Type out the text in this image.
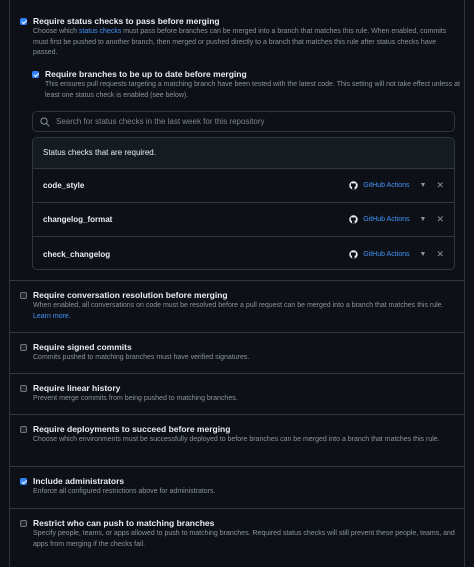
Require status checks to pass before merging
Choose which status checks must pass before branches can be merged into a branch that matches this rule. When enabled, commits must first be pushed to another branch, then merged or pushed directly to a branch that matches this rule after status checks have passed.
Require branches to be up to date before merging
This ensures pull requests targeting a matching branch have been tested with the latest code. This setting will not take effect unless at least one status check is enabled (see below).
Search for status checks in the last week for this repository
Status checks that are required.
code_style	GitHub Actions ▼ ✕
changelog_format	GitHub Actions ▼ ✕
check_changelog	GitHub Actions ▼ ✕
Require conversation resolution before merging
When enabled, all conversations on code must be resolved before a pull request can be merged into a branch that matches this rule. Learn more.
Require signed commits
Commits pushed to matching branches must have verified signatures.
Require linear history
Prevent merge commits from being pushed to matching branches.
Require deployments to succeed before merging
Choose which environments must be successfully deployed to before branches can be merged into a branch that matches this rule.
Include administrators
Enforce all configured restrictions above for administrators.
Restrict who can push to matching branches
Specify people, teams, or apps allowed to push to matching branches. Required status checks will still prevent these people, teams, and apps from merging if the checks fail.
